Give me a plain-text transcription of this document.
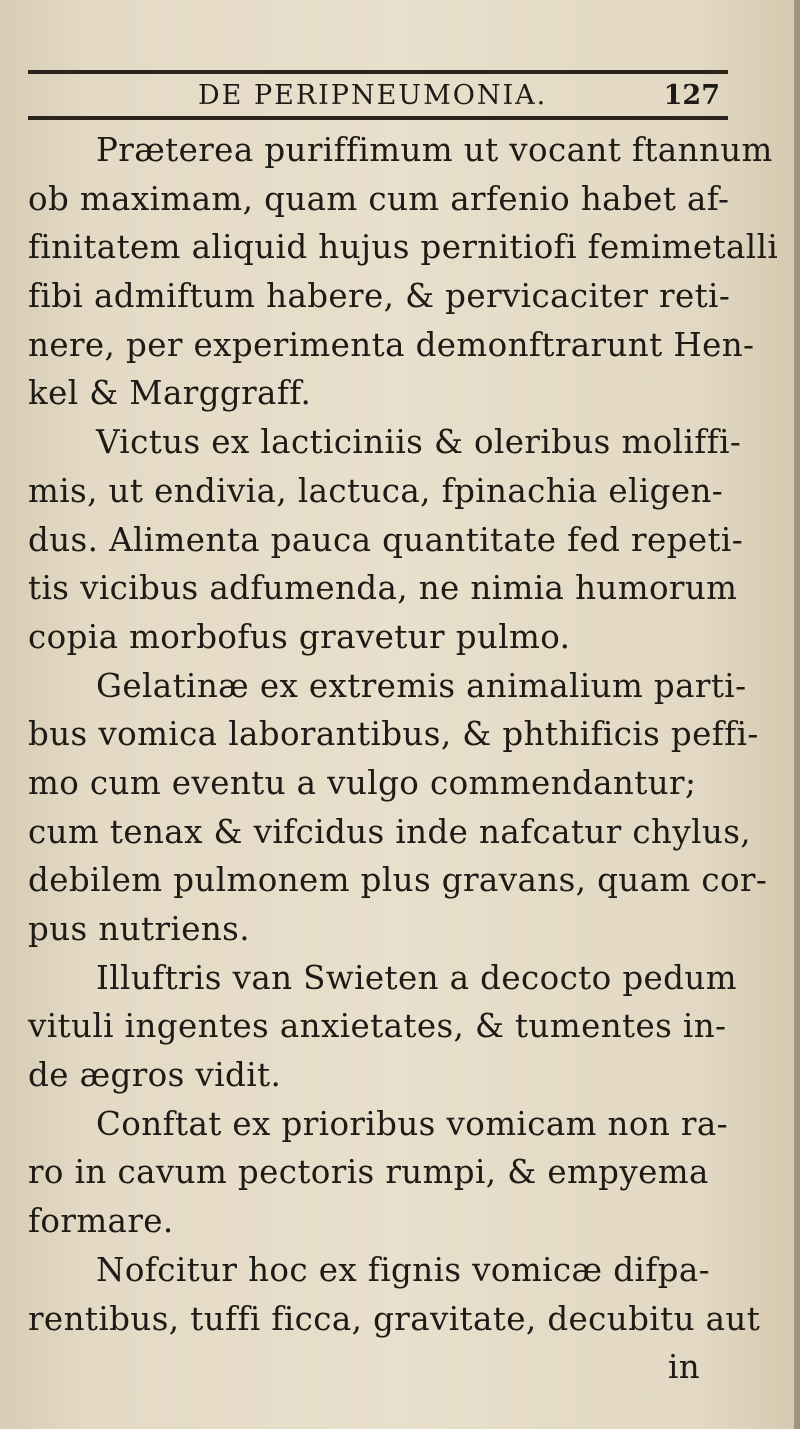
DE PERIPNEUMONIA.	127
Præterea puriffimum ut vocant ftannum
ob maximam, quam cum arfenio habet af-
finitatem aliquid hujus pernitiofi femimetalli
fibi admiftum habere, & pervicaciter reti-
nere, per experimenta demonftrarunt Hen-
kel & Marggraff.
Victus ex lacticiniis & oleribus moliffi-
mis, ut endivia, lactuca, fpinachia eligen-
dus. Alimenta pauca quantitate fed repeti-
tis vicibus adfumenda, ne nimia humorum
copia morbofus gravetur pulmo.
Gelatinæ ex extremis animalium parti-
bus vomica laborantibus, & phthificis peffi-
mo cum eventu a vulgo commendantur;
cum tenax & vifcidus inde nafcatur chylus,
debilem pulmonem plus gravans, quam cor-
pus nutriens.
Illuftris van Swieten a decocto pedum
vituli ingentes anxietates, & tumentes in-
de ægros vidit.
Conftat ex prioribus vomicam non ra-
ro in cavum pectoris rumpi, & empyema
formare.
Nofcitur hoc ex fignis vomicæ difpa-
rentibus, tuffi ficca, gravitate, decubitu aut
in
